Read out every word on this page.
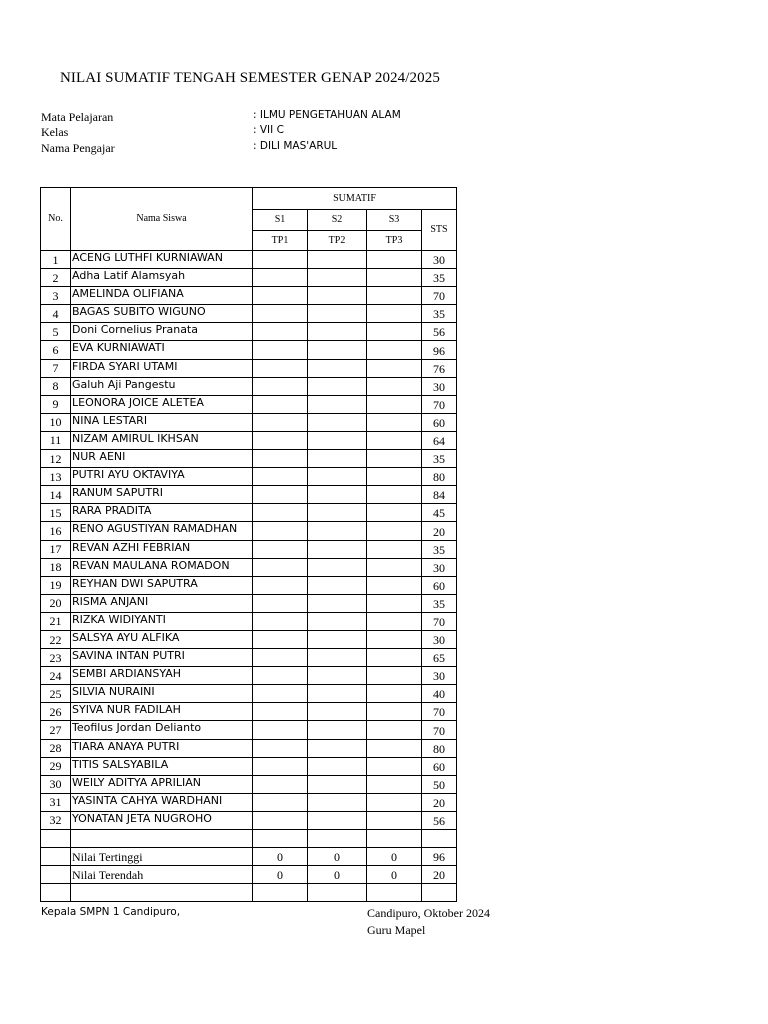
NILAI SUMATIF TENGAH SEMESTER GENAP 2024/2025
Mata Pelajaran	: ILMU PENGETAHUAN ALAM
Kelas	: VII C
Nama Pengajar	: DILI MAS'ARUL
No.	Nama Siswa	SUMATIF			
		S1	S2	S3	STS
		TP1	TP2	TP3	
1	ACENG LUTHFI KURNIAWAN				30
2	Adha Latif Alamsyah				35
3	AMELINDA OLIFIANA				70
4	BAGAS SUBITO WIGUNO				35
5	Doni Cornelius Pranata				56
6	EVA KURNIAWATI				96
7	FIRDA SYARI UTAMI				76
8	Galuh Aji Pangestu				30
9	LEONORA JOICE ALETEA				70
10	NINA LESTARI				60
11	NIZAM AMIRUL IKHSAN				64
12	NUR AENI				35
13	PUTRI AYU OKTAVIYA				80
14	RANUM SAPUTRI				84
15	RARA PRADITA				45
16	RENO AGUSTIYAN RAMADHAN				20
17	REVAN AZHI FEBRIAN				35
18	REVAN MAULANA ROMADON				30
19	REYHAN DWI SAPUTRA				60
20	RISMA ANJANI				35
21	RIZKA WIDIYANTI				70
22	SALSYA AYU ALFIKA				30
23	SAVINA INTAN PUTRI				65
24	SEMBI ARDIANSYAH				30
25	SILVIA NURAINI				40
26	SYIVA NUR FADILAH				70
27	Teofilus Jordan Delianto				70
28	TIARA ANAYA PUTRI				80
29	TITIS SALSYABILA				60
30	WEILY ADITYA APRILIAN				50
31	YASINTA CAHYA WARDHANI				20
32	YONATAN JETA NUGROHO				56

	Nilai Tertinggi	0	0	0	96
	Nilai Terendah	0	0	0	20

Kepala SMPN 1 Candipuro,	Candipuro, Oktober 2024
Guru Mapel
